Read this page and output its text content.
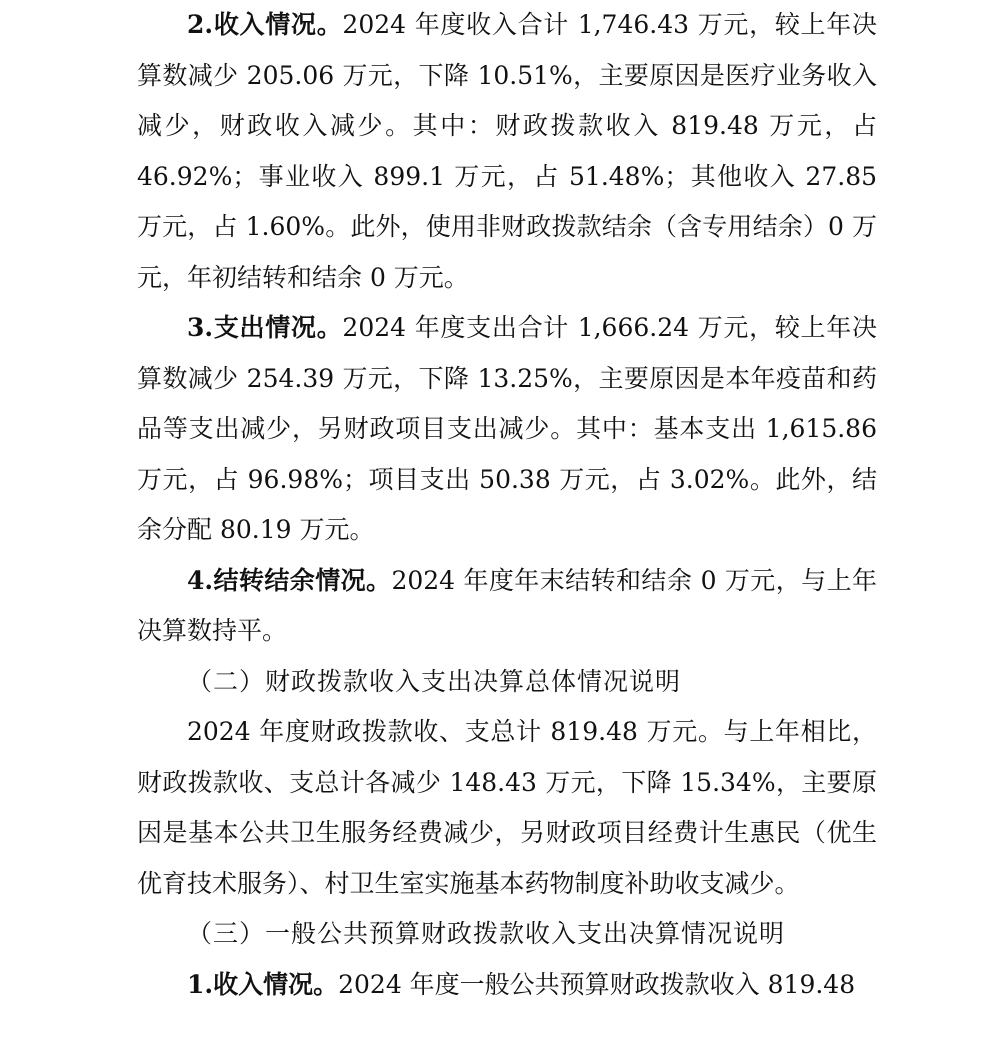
2.收入情况。2024 年度收入合计 1,746.43 万元，较上年决算数减少 205.06 万元，下降 10.51%，主要原因是医疗业务收入减少，财政收入减少。其中：财政拨款收入 819.48 万元，占 46.92%；事业收入 899.1 万元，占 51.48%；其他收入 27.85 万元，占 1.60%。此外，使用非财政拨款结余（含专用结余）0 万元，年初结转和结余 0 万元。

3.支出情况。2024 年度支出合计 1,666.24 万元，较上年决算数减少 254.39 万元，下降 13.25%，主要原因是本年疫苗和药品等支出减少，另财政项目支出减少。其中：基本支出 1,615.86 万元，占 96.98%；项目支出 50.38 万元，占 3.02%。此外，结余分配 80.19 万元。

4.结转结余情况。2024 年度年末结转和结余 0 万元，与上年决算数持平。

（二）财政拨款收入支出决算总体情况说明

2024 年度财政拨款收、支总计 819.48 万元。与上年相比，财政拨款收、支总计各减少 148.43 万元，下降 15.34%，主要原因是基本公共卫生服务经费减少，另财政项目经费计生惠民（优生优育技术服务）、村卫生室实施基本药物制度补助收支减少。

（三）一般公共预算财政拨款收入支出决算情况说明

1.收入情况。2024 年度一般公共预算财政拨款收入 819.48
